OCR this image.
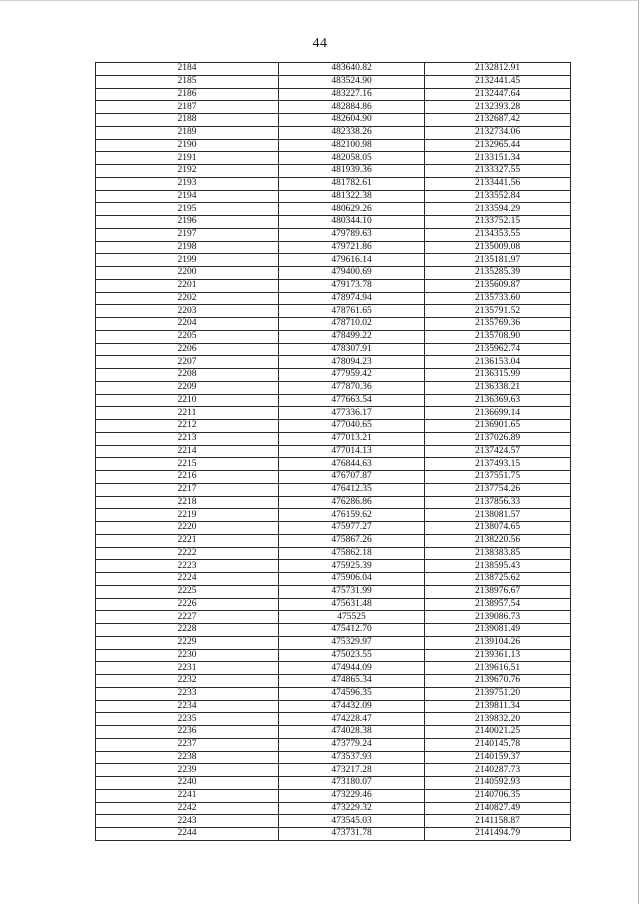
44
2184	483640.82	2132812.91
2185	483524.90	2132441.45
2186	483227.16	2132447.64
2187	482884.86	2132393.28
2188	482604.90	2132687.42
2189	482338.26	2132734.06
2190	482100.98	2132965.44
2191	482058.05	2133151.34
2192	481939.36	2133327.55
2193	481782.61	2133441.56
2194	481322.38	2133552.84
2195	480629.26	2133594.29
2196	480344.10	2133752.15
2197	479789.63	2134353.55
2198	479721.86	2135009.08
2199	479616.14	2135181.97
2200	479400.69	2135285.39
2201	479173.78	2135609.87
2202	478974.94	2135733.60
2203	478761.65	2135791.52
2204	478710.02	2135769.36
2205	478499.22	2135708.90
2206	478307.91	2135962.74
2207	478094.23	2136153.04
2208	477959.42	2136315.99
2209	477870.36	2136338.21
2210	477663.54	2136369.63
2211	477336.17	2136699.14
2212	477040.65	2136901.65
2213	477013.21	2137026.89
2214	477014.13	2137424.57
2215	476844.63	2137493.15
2216	476707.87	2137551.75
2217	476412.35	2137754.26
2218	476286.86	2137856.33
2219	476159.62	2138081.57
2220	475977.27	2138074.65
2221	475867.26	2138220.56
2222	475862.18	2138383.85
2223	475925.39	2138595.43
2224	475906.04	2138725.62
2225	475731.99	2138976.67
2226	475631.48	2138957.54
2227	475525	2139086.73
2228	475412.70	2139081.49
2229	475329.97	2139104.26
2230	475023.55	2139361.13
2231	474944.09	2139616.51
2232	474865.34	2139670.76
2233	474596.35	2139751.20
2234	474432.09	2139811.34
2235	474228.47	2139832.20
2236	474028.38	2140021.25
2237	473779.24	2140145.78
2238	473537.93	2140159.37
2239	473217.28	2140287.73
2240	473180.07	2140592.93
2241	473229.46	2140706.35
2242	473229.32	2140827.49
2243	473545.03	2141158.87
2244	473731.78	2141494.79
